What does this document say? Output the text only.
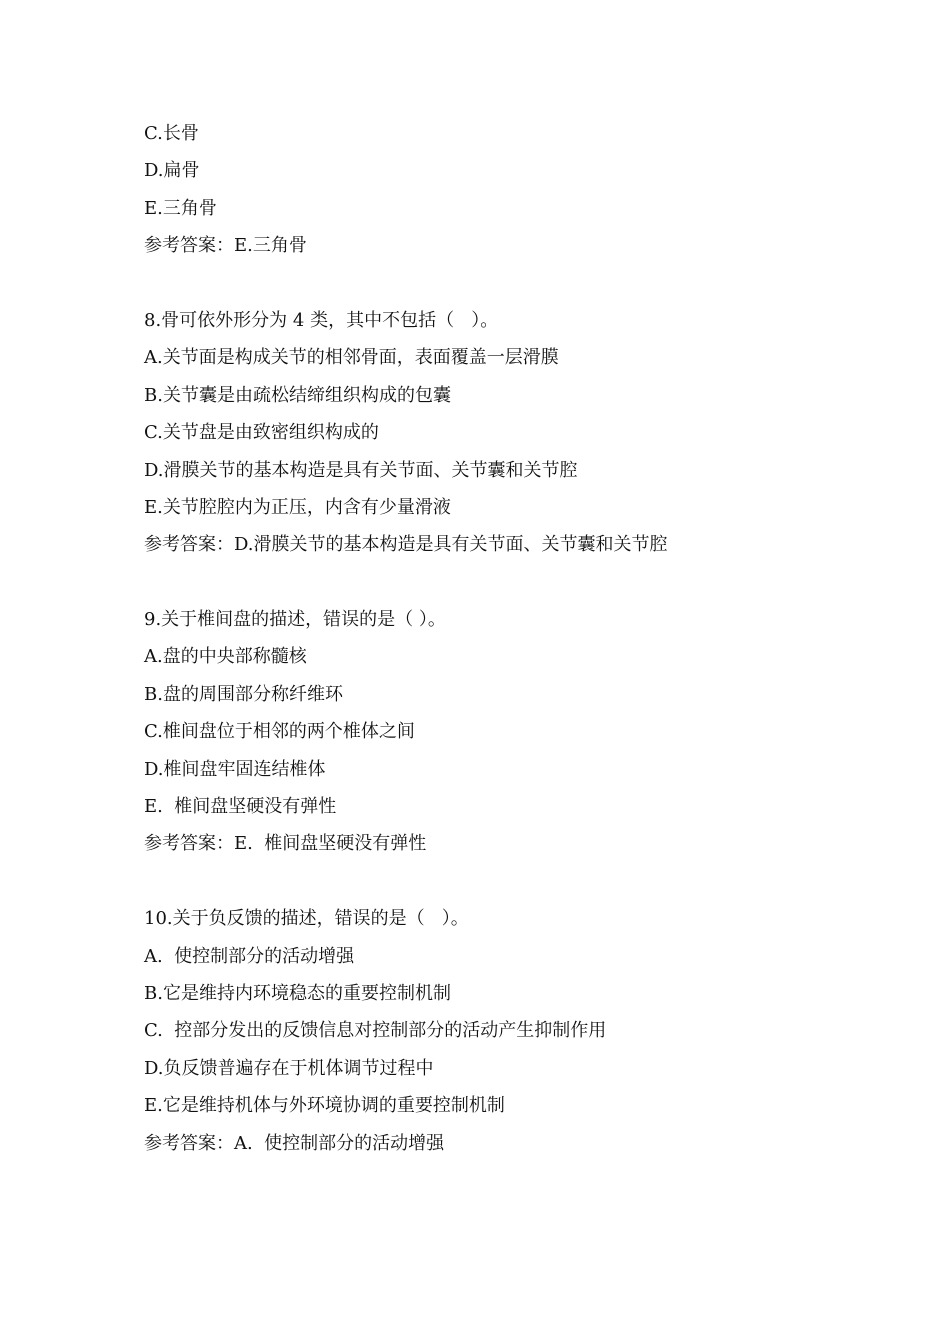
C.长骨
D.扁骨
E.三角骨
参考答案：E.三角骨
8.骨可依外形分为 4 类，其中不包括（   ）。
A.关节面是构成关节的相邻骨面，表面覆盖一层滑膜
B.关节囊是由疏松结缔组织构成的包囊
C.关节盘是由致密组织构成的
D.滑膜关节的基本构造是具有关节面、关节囊和关节腔
E.关节腔腔内为正压，内含有少量滑液
参考答案：D.滑膜关节的基本构造是具有关节面、关节囊和关节腔
9.关于椎间盘的描述，错误的是（ ）。
A.盘的中央部称髓核
B.盘的周围部分称纤维环
C.椎间盘位于相邻的两个椎体之间
D.椎间盘牢固连结椎体
E.  椎间盘坚硬没有弹性
参考答案：E.  椎间盘坚硬没有弹性
10.关于负反馈的描述，错误的是（   ）。
A.  使控制部分的活动增强
B.它是维持内环境稳态的重要控制机制
C.  控部分发出的反馈信息对控制部分的活动产生抑制作用
D.负反馈普遍存在于机体调节过程中
E.它是维持机体与外环境协调的重要控制机制
参考答案：A.  使控制部分的活动增强
